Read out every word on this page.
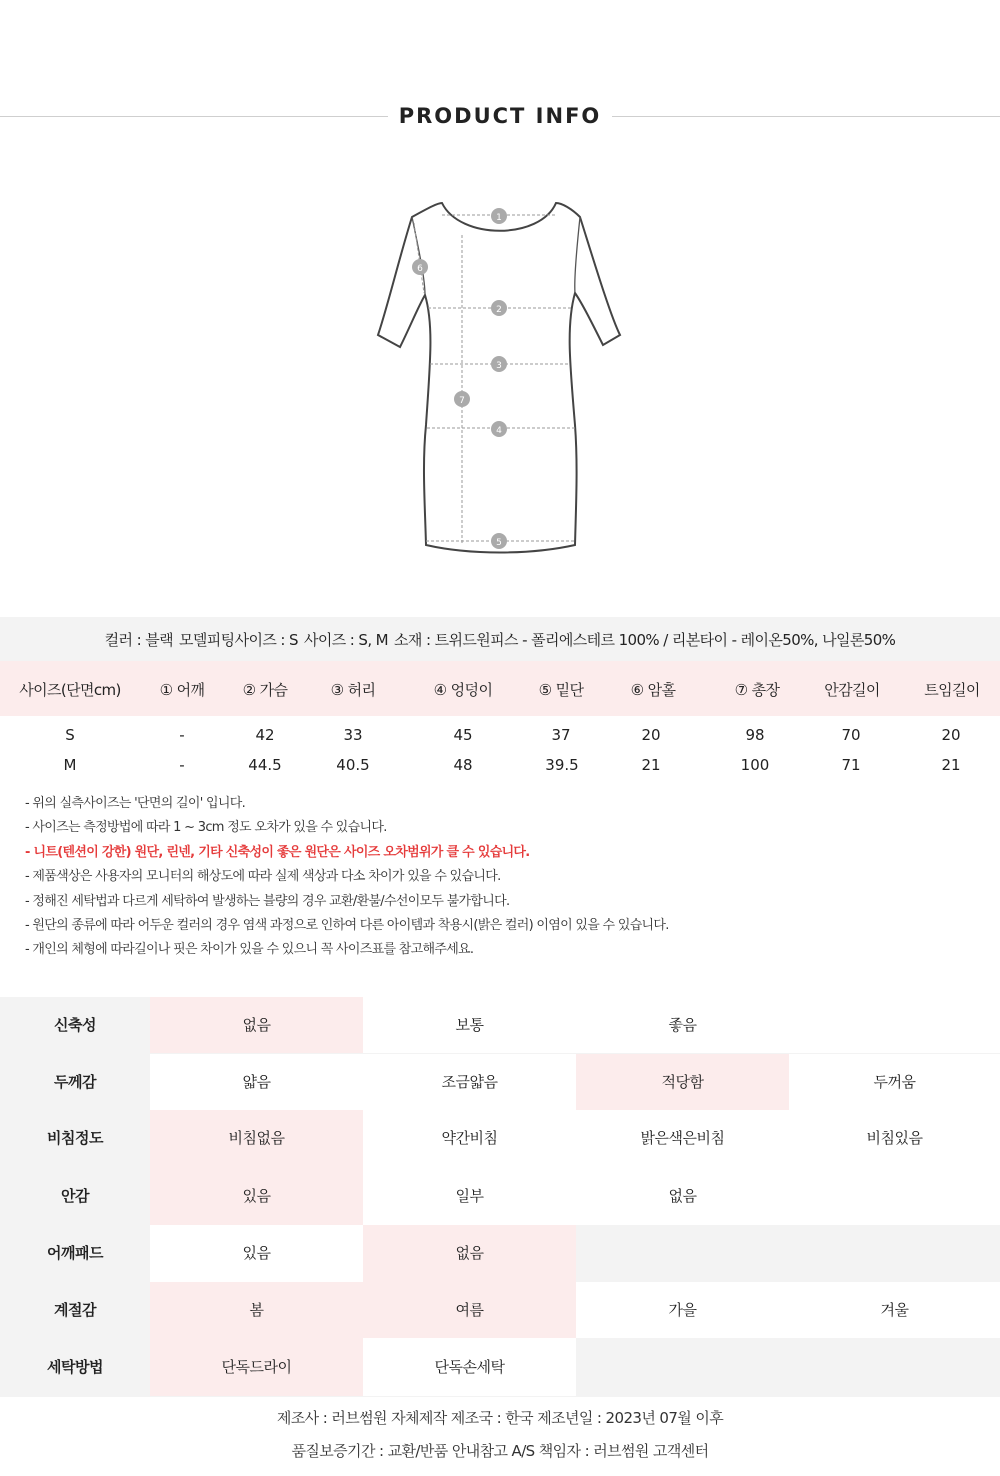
PRODUCT INFO
1
2
3
4
5
6
7
컬러 : 블랙 모델피팅사이즈 : S 사이즈 : S, M 소재 : 트위드원피스 - 폴리에스테르 100% / 리본타이 - 레이온50%, 나일론50%
사이즈(단면cm)	① 어깨	② 가슴	③ 허리	④ 엉덩이	⑤ 밑단	⑥ 암홀	⑦ 총장	안감길이	트임길이
S	-	42	33	45	37	20	98	70	20
M	-	44.5	40.5	48	39.5	21	100	71	21
- 위의 실측사이즈는 '단면의 길이' 입니다.
- 사이즈는 측정방법에 따라 1 ~ 3cm 정도 오차가 있을 수 있습니다.
- 니트(텐션이 강한) 원단, 린넨, 기타 신축성이 좋은 원단은 사이즈 오차범위가 클 수 있습니다.
- 제품색상은 사용자의 모니터의 해상도에 따라 실제 색상과 다소 차이가 있을 수 있습니다.
- 정해진 세탁법과 다르게 세탁하여 발생하는 블량의 경우 교환/환불/수선이모두 불가합니다.
- 원단의 종류에 따라 어두운 컬러의 경우 염색 과정으로 인하여 다른 아이템과 착용시(밝은 컬러) 이염이 있을 수 있습니다.
- 개인의 체형에 따라길이나 핏은 차이가 있을 수 있으니 꼭 사이즈표를 참고해주세요.
신축성	없음	보통	좋음
두께감	얇음	조금얇음	적당함	두꺼움
비침정도	비침없음	약간비침	밝은색은비침	비침있음
안감	있음	일부	없음
어깨패드	있음	없음
계절감	봄	여름	가을	겨울
세탁방법	단독드라이	단독손세탁
제조사 : 러브썸원 자체제작 제조국 : 한국 제조년일 : 2023년 07월 이후
품질보증기간 : 교환/반품 안내참고 A/S 책임자 : 러브썸원 고객센터
